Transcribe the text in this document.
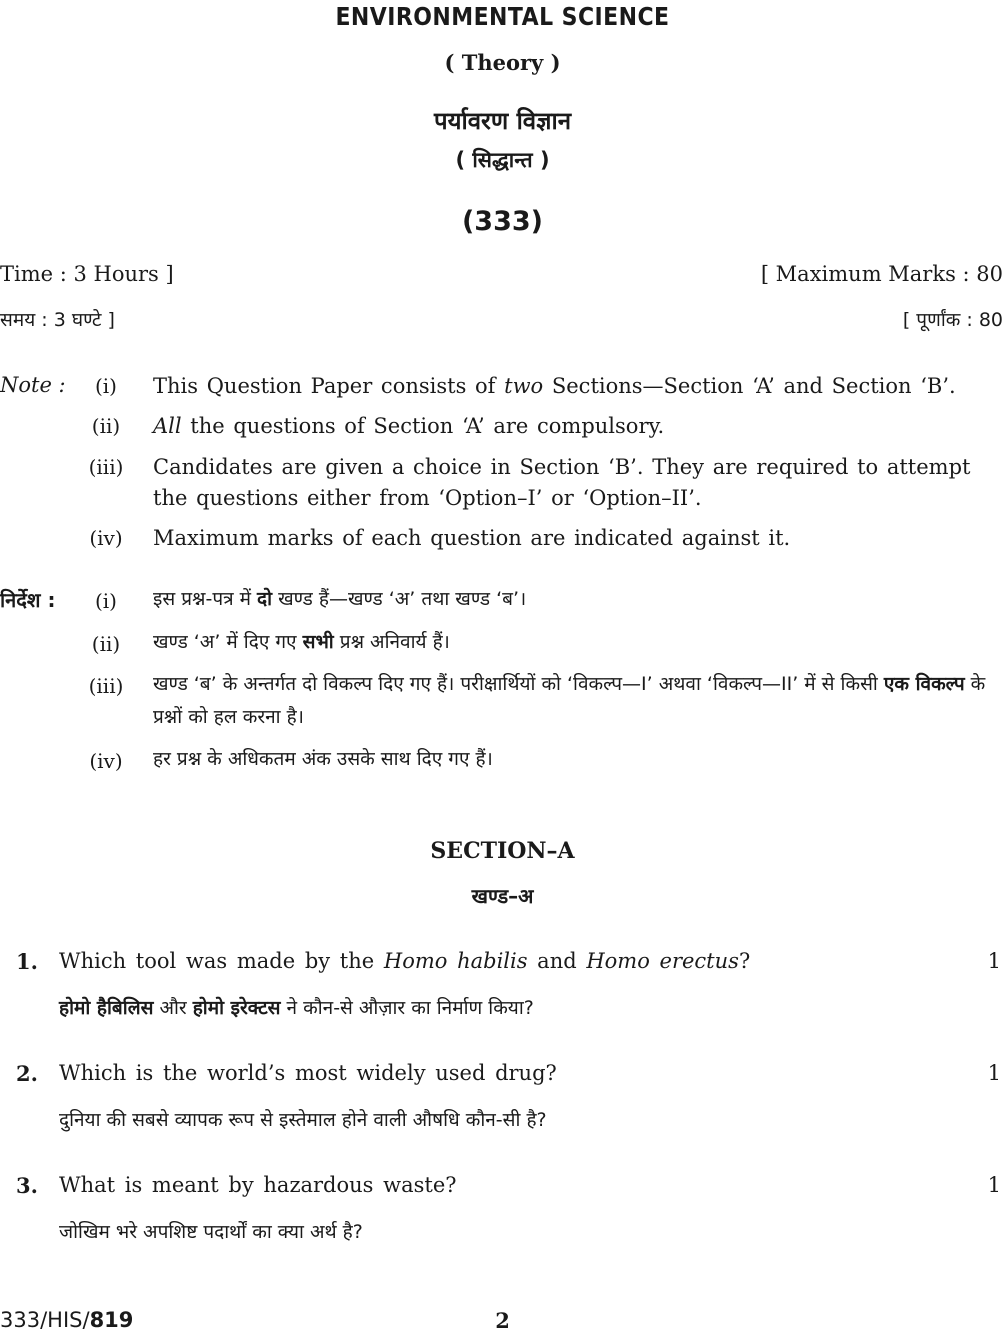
ENVIRONMENTAL SCIENCE
( Theory )
पर्यावरण विज्ञान
( सिद्धान्त )
(333)
Time : 3 Hours ]	[ Maximum Marks : 80
समय : 3 घण्टे ]	[ पूर्णांक : 80
Note :	(i)	This Question Paper consists of two Sections—Section ‘A’ and Section ‘B’.
(ii)	All the questions of Section ‘A’ are compulsory.
(iii)	Candidates are given a choice in Section ‘B’. They are required to attempt the questions either from ‘Option–I’ or ‘Option–II’.
(iv)	Maximum marks of each question are indicated against it.
निर्देश :	(i)	इस प्रश्न-पत्र में दो खण्ड हैं—खण्ड ‘अ’ तथा खण्ड ‘ब’।
(ii)	खण्ड ‘अ’ में दिए गए सभी प्रश्न अनिवार्य हैं।
(iii)	खण्ड ‘ब’ के अन्तर्गत दो विकल्प दिए गए हैं। परीक्षार्थियों को ‘विकल्प—I’ अथवा ‘विकल्प—II’ में से किसी एक विकल्प के प्रश्नों को हल करना है।
(iv)	हर प्रश्न के अधिकतम अंक उसके साथ दिए गए हैं।
SECTION–A
खण्ड–अ
1. Which tool was made by the Homo habilis and Homo erectus?	1
होमो हैबिलिस और होमो इरेक्टस ने कौन-से औज़ार का निर्माण किया?
2. Which is the world’s most widely used drug?	1
दुनिया की सबसे व्यापक रूप से इस्तेमाल होने वाली औषधि कौन-सी है?
3. What is meant by hazardous waste?	1
जोखिम भरे अपशिष्ट पदार्थों का क्या अर्थ है?
333/HIS/819	2
